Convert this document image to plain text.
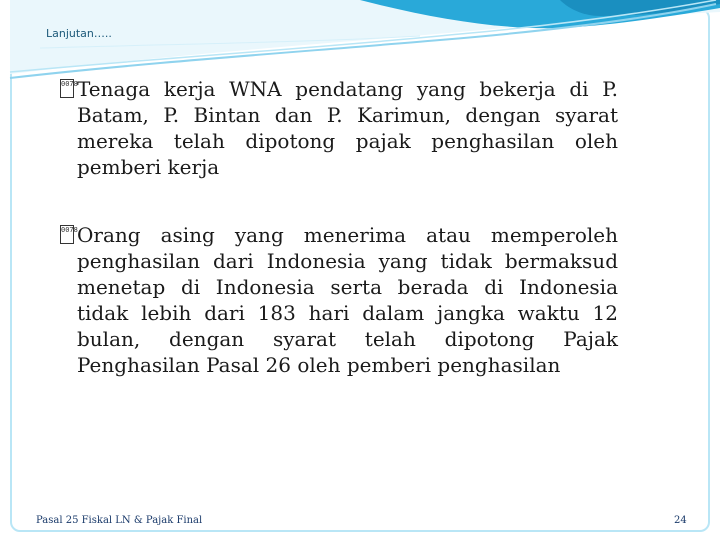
Lanjutan…..
0078 Tenaga kerja WNA pendatang yang bekerja di P. Batam, P. Bintan dan P. Karimun, dengan syarat mereka telah dipotong pajak penghasilan oleh pemberi kerja
0078 Orang asing yang menerima atau memperoleh penghasilan dari Indonesia yang tidak bermaksud menetap di Indonesia serta berada di Indonesia tidak lebih dari 183 hari dalam jangka waktu 12 bulan, dengan syarat telah dipotong Pajak Penghasilan Pasal 26 oleh pemberi penghasilan
Pasal 25 Fiskal LN & Pajak Final	24
